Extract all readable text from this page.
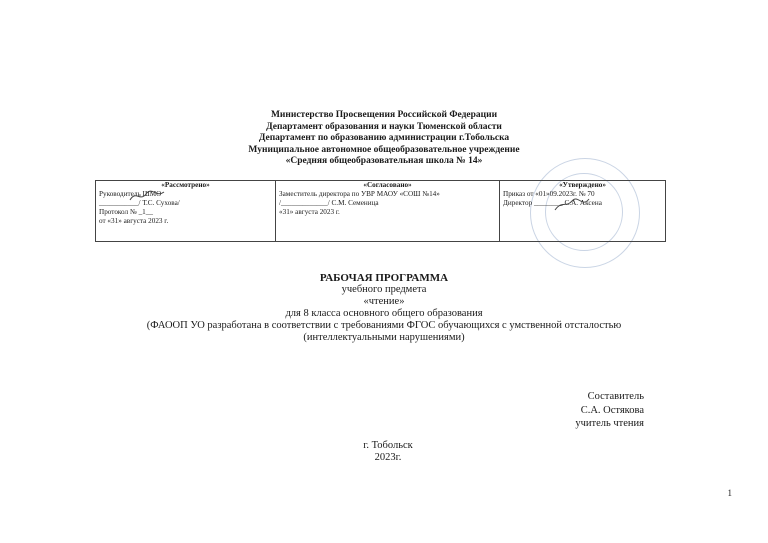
Министерство Просвещения Российской Федерации
Департамент образования и науки Тюменской области
Департамент по образованию администрации г.Тобольска
Муниципальное автономное общеобразовательное учреждение
«Средняя общеобразовательная школа № 14»
«Рассмотрено»
Руководитель ШМО
___________/ Т.С. Сухова/
Протокол № _1__
от «31» августа 2023 г.
«Согласовано»
Заместитель директора по УВР МАОУ «СОШ №14»
/_____________/ С.М. Семеница
«31» августа 2023 г.
«Утверждено»
Приказ от «01»09.2023г. № 70
Директор ________ С.А. Аксена
РАБОЧАЯ ПРОГРАММА
учебного предмета
«чтение»
для 8 класса основного общего образования
(ФАООП УО разработана в соответствии с требованиями ФГОС обучающихся с умственной отсталостью
(интеллектуальными нарушениями)
Составитель
С.А. Остякова
учитель чтения
г. Тобольск
2023г.
1
